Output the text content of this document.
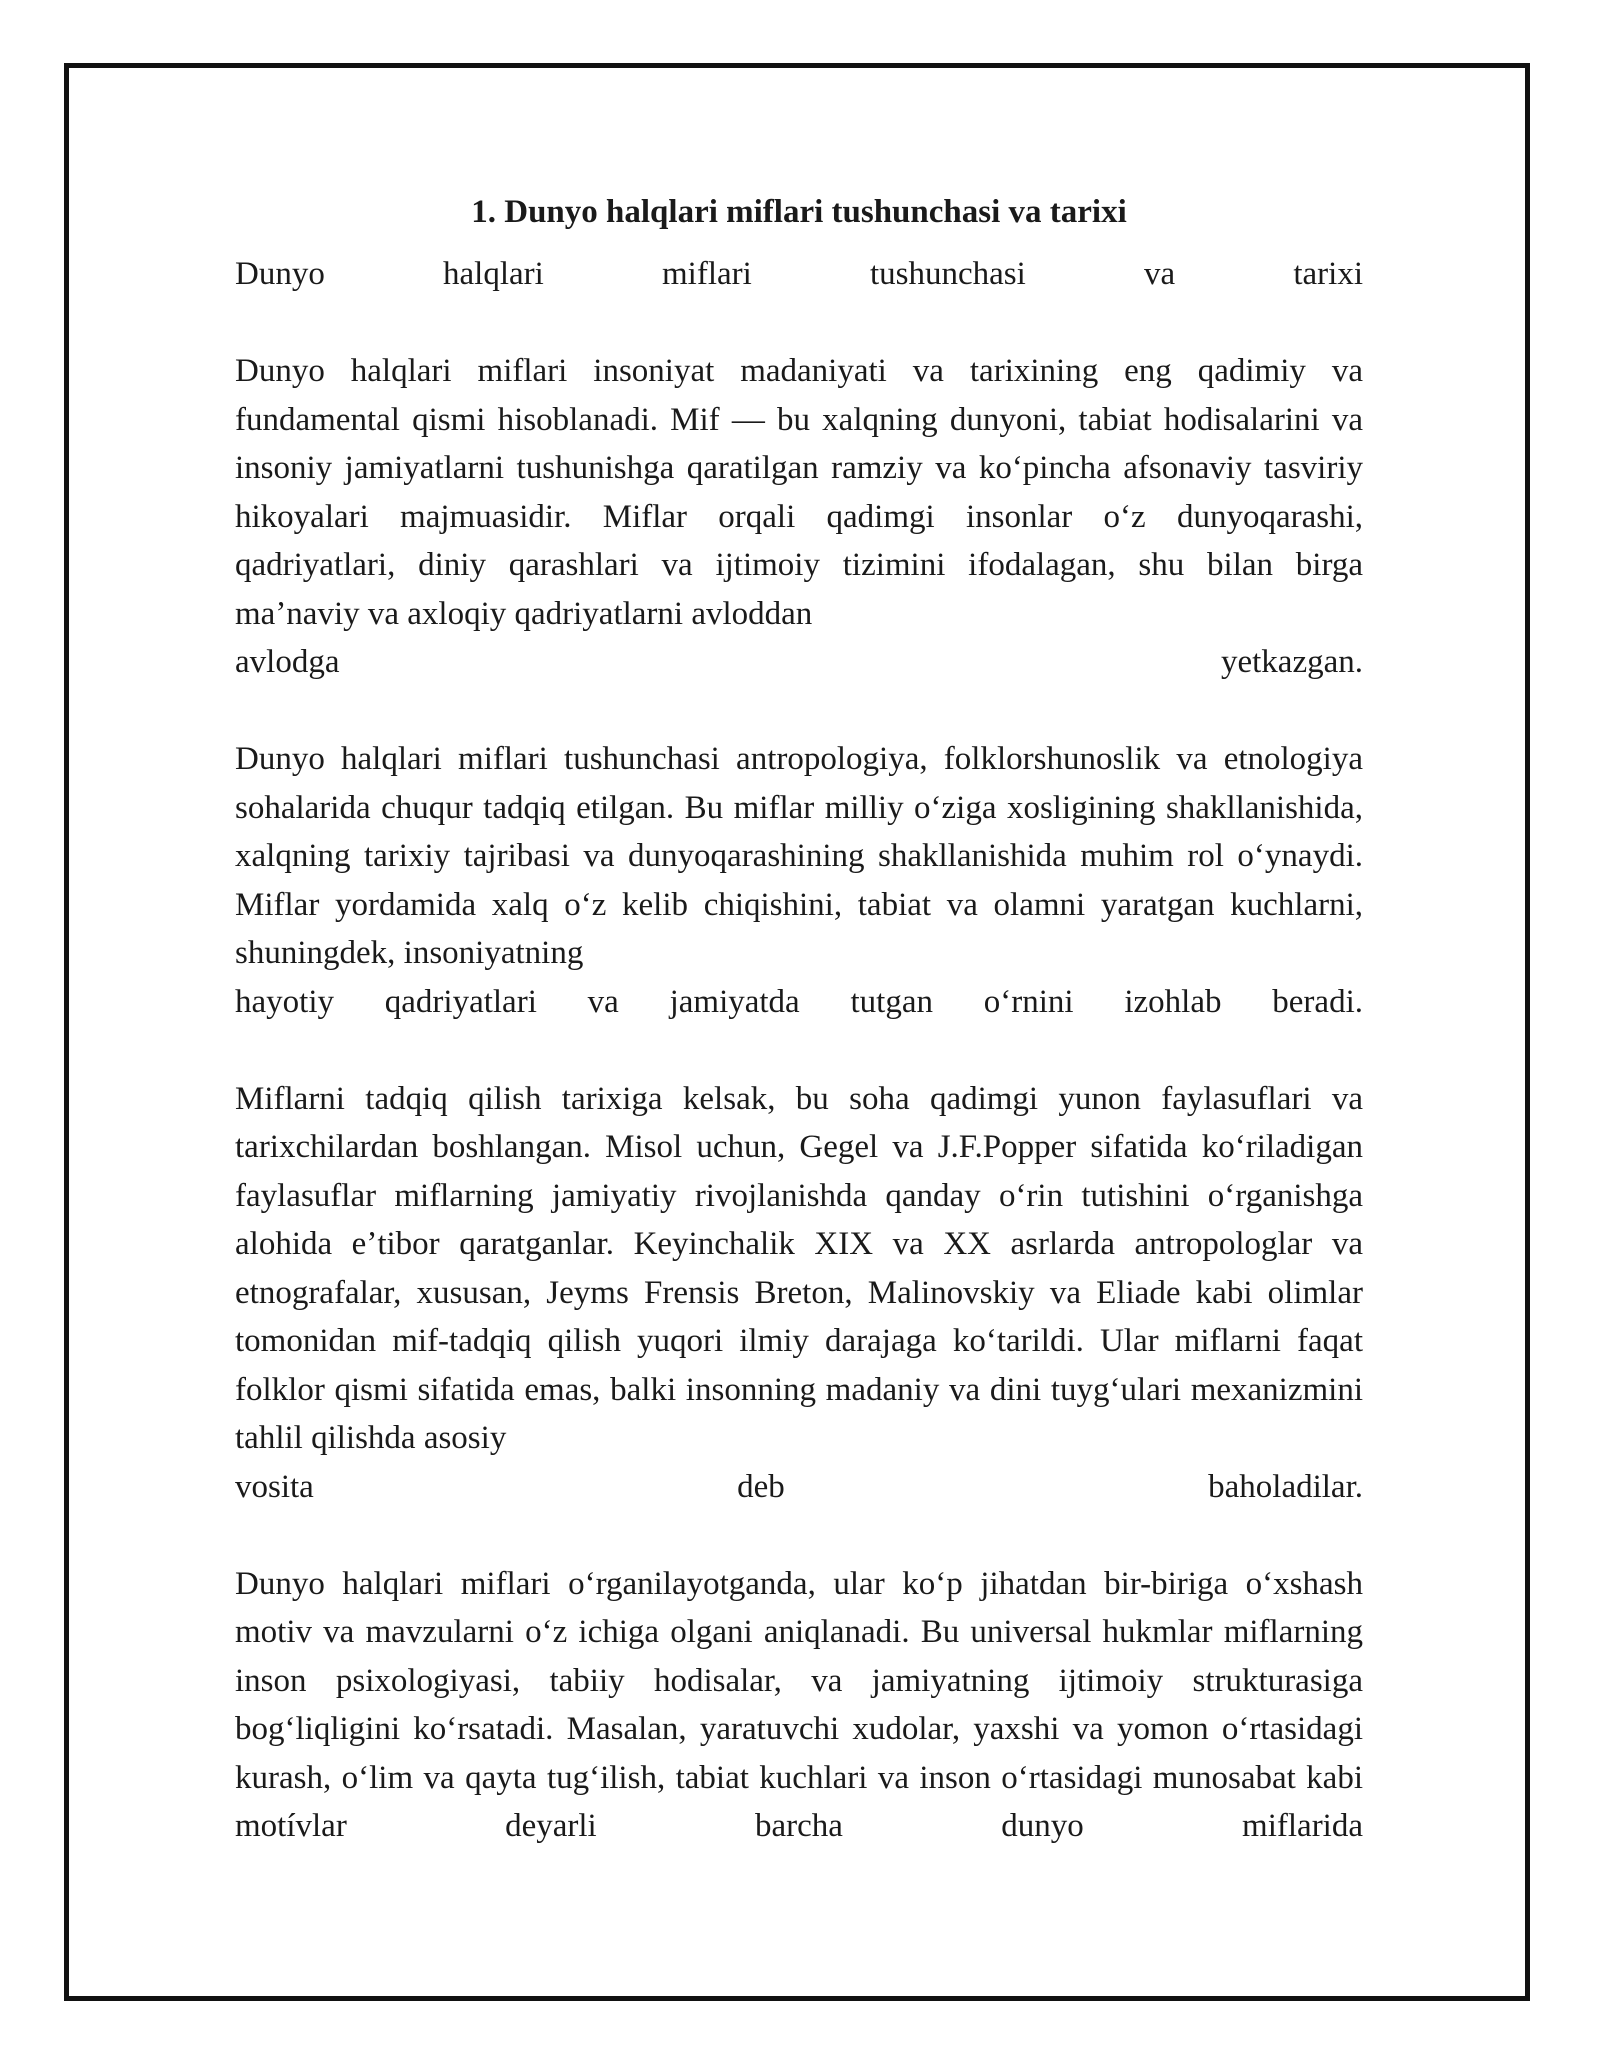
1. Dunyo halqlari miflari tushunchasi va tarixi

Dunyo halqlari miflari tushunchasi va tarixi

Dunyo halqlari miflari insoniyat madaniyati va tarixining eng qadimiy va fundamental qismi hisoblanadi. Mif — bu xalqning dunyoni, tabiat hodisalarini va insoniy jamiyatlarni tushunishga qaratilgan ramziy va koʻpincha afsonaviy tasviriy hikoyalari majmuasidir. Miflar orqali qadimgi insonlar oʻz dunyoqarashi, qadriyatlari, diniy qarashlari va ijtimoiy tizimini ifodalagan, shu bilan birga maʼnaviy va axloqiy qadriyatlarni avloddan
avlodga yetkazgan.

Dunyo halqlari miflari tushunchasi antropologiya, folklorshunoslik va etnologiya sohalarida chuqur tadqiq etilgan. Bu miflar milliy oʻziga xosligining shakllanishida, xalqning tarixiy tajribasi va dunyoqarashining shakllanishida muhim rol oʻynaydi. Miflar yordamida xalq oʻz kelib chiqishini, tabiat va olamni yaratgan kuchlarni, shuningdek, insoniyatning
hayotiy qadriyatlari va jamiyatda tutgan oʻrnini izohlab beradi.

Miflarni tadqiq qilish tarixiga kelsak, bu soha qadimgi yunon faylasuflari va tarixchilardan boshlangan. Misol uchun, Gegel va J.F.Popper sifatida koʻriladigan faylasuflar miflarning jamiyatiy rivojlanishda qanday oʻrin tutishini oʻrganishga alohida eʼtibor qaratganlar. Keyinchalik XIX va XX asrlarda antropologlar va etnografalar, xususan, Jeyms Frensis Breton, Malinovskiy va Eliade kabi olimlar tomonidan mif-tadqiq qilish yuqori ilmiy darajaga koʻtarildi. Ular miflarni faqat folklor qismi sifatida emas, balki insonning madaniy va dini tuygʻulari mexanizmini tahlil qilishda asosiy
vosita deb baholadilar.

Dunyo halqlari miflari oʻrganilayotganda, ular koʻp jihatdan bir-biriga oʻxshash motiv va mavzularni oʻz ichiga olgani aniqlanadi. Bu universal hukmlar miflarning inson psixologiyasi, tabiiy hodisalar, va jamiyatning ijtimoiy strukturasiga bogʻliqligini koʻrsatadi. Masalan, yaratuvchi xudolar, yaxshi va yomon oʻrtasidagi kurash, oʻlim va qayta tugʻilish, tabiat kuchlari va inson oʻrtasidagi munosabat kabi motívlar deyarli barcha dunyo miflarida
